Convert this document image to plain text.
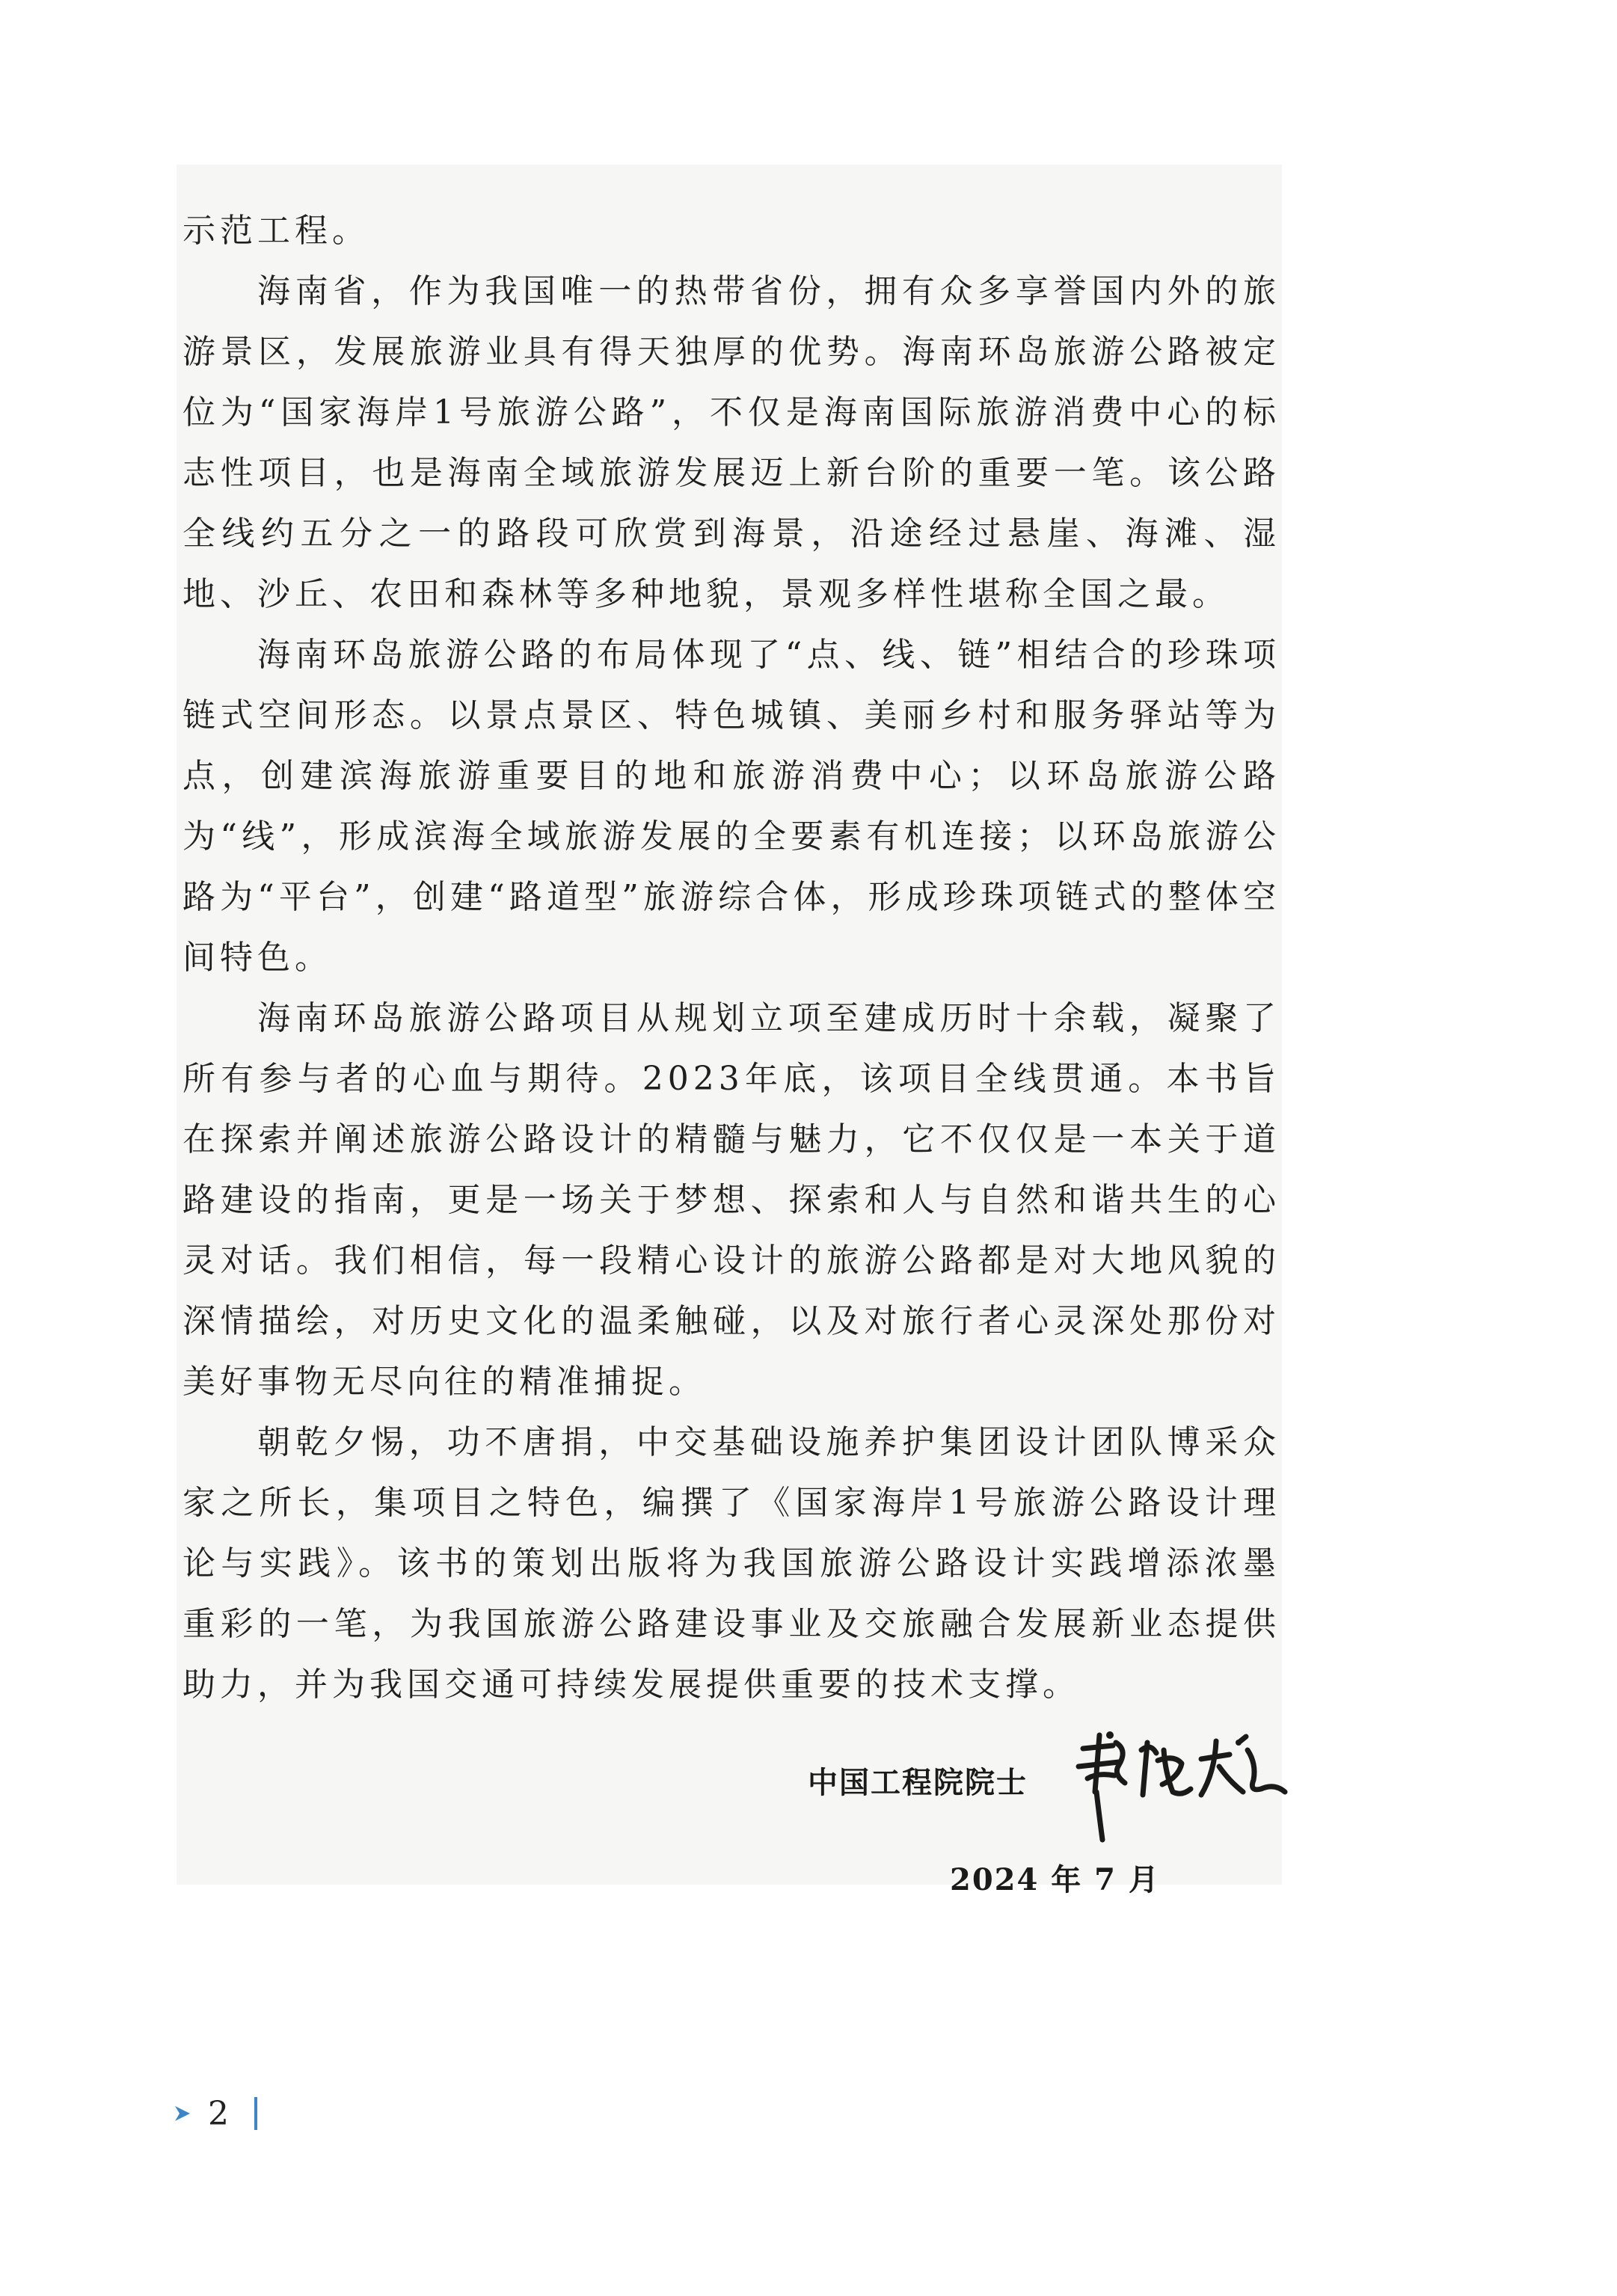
示范工程。

海南省，作为我国唯一的热带省份，拥有众多享誉国内外的旅游景区，发展旅游业具有得天独厚的优势。海南环岛旅游公路被定位为“国家海岸1号旅游公路”，不仅是海南国际旅游消费中心的标志性项目，也是海南全域旅游发展迈上新台阶的重要一笔。该公路全线约五分之一的路段可欣赏到海景，沿途经过悬崖、海滩、湿地、沙丘、农田和森林等多种地貌，景观多样性堪称全国之最。

海南环岛旅游公路的布局体现了“点、线、链”相结合的珍珠项链式空间形态。以景点景区、特色城镇、美丽乡村和服务驿站等为点，创建滨海旅游重要目的地和旅游消费中心；以环岛旅游公路为“线”，形成滨海全域旅游发展的全要素有机连接；以环岛旅游公路为“平台”，创建“路道型”旅游综合体，形成珍珠项链式的整体空间特色。

海南环岛旅游公路项目从规划立项至建成历时十余载，凝聚了所有参与者的心血与期待。2023年底，该项目全线贯通。本书旨在探索并阐述旅游公路设计的精髓与魅力，它不仅仅是一本关于道路建设的指南，更是一场关于梦想、探索和人与自然和谐共生的心灵对话。我们相信，每一段精心设计的旅游公路都是对大地风貌的深情描绘，对历史文化的温柔触碰，以及对旅行者心灵深处那份对美好事物无尽向往的精准捕捉。

朝乾夕惕，功不唐捐，中交基础设施养护集团设计团队博采众家之所长，集项目之特色，编撰了《国家海岸1号旅游公路设计理论与实践》。该书的策划出版将为我国旅游公路设计实践增添浓墨重彩的一笔，为我国旅游公路建设事业及交旅融合发展新业态提供助力，并为我国交通可持续发展提供重要的技术支撑。

中国工程院院士
2024 年 7 月
2
